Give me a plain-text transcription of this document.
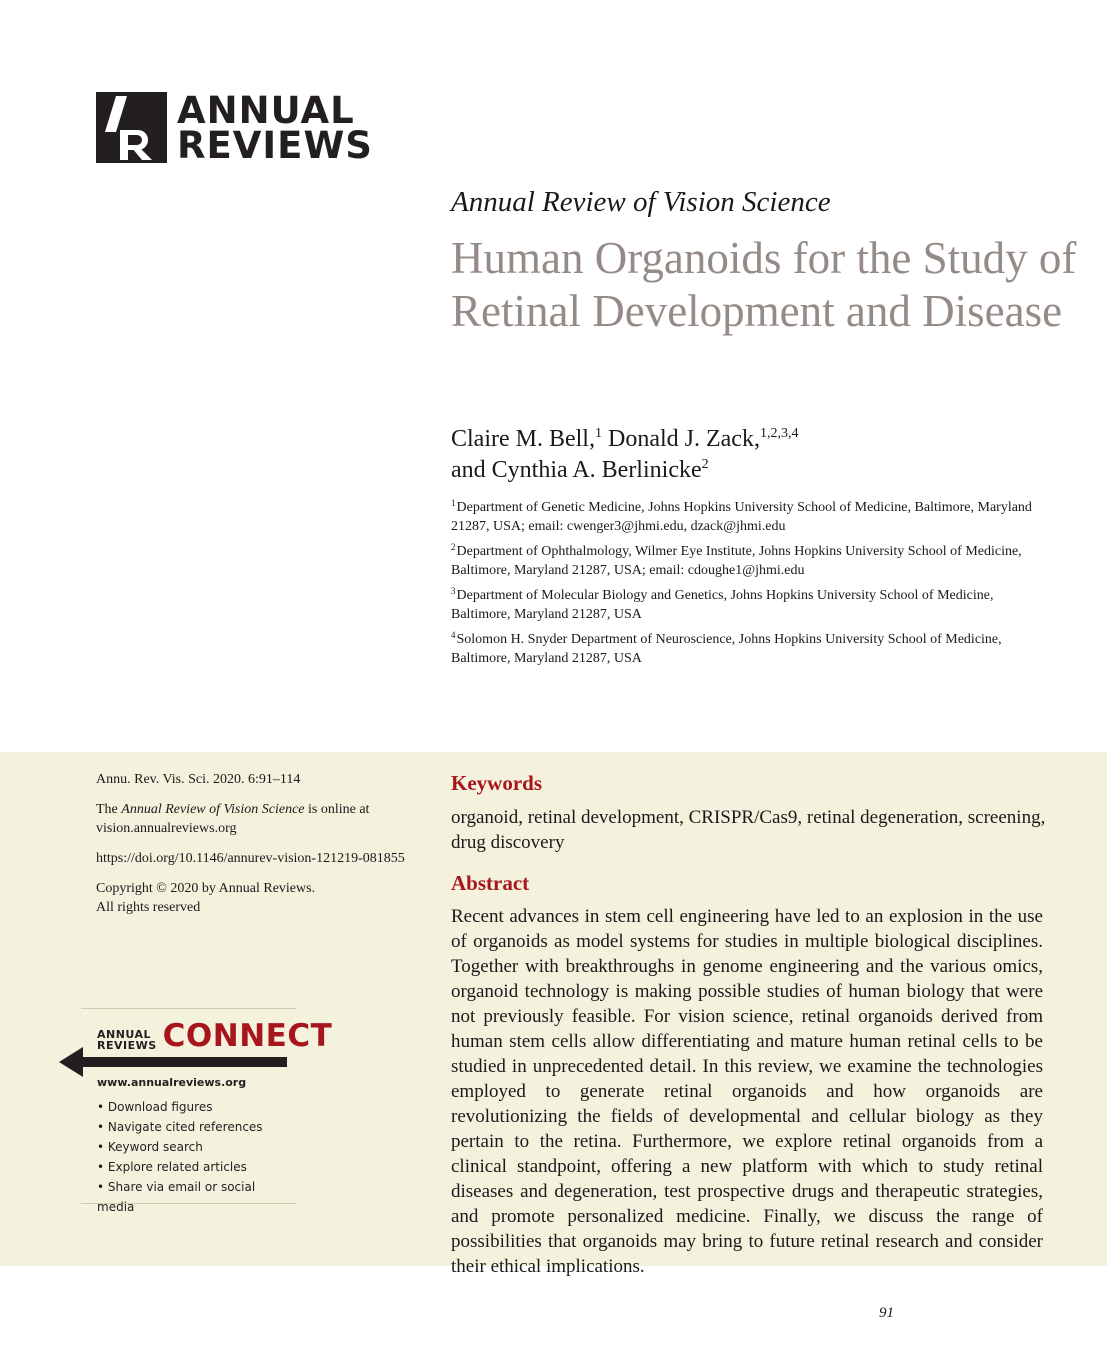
ANNUAL
REVIEWS
Annual Review of Vision Science
Human Organoids for the Study of Retinal Development and Disease
Claire M. Bell,$^1$ Donald J. Zack,$^{1,2,3,4}$
and Cynthia A. Berlinicke$^2$
$^1$Department of Genetic Medicine, Johns Hopkins University School of Medicine, Baltimore, Maryland 21287, USA; email: cwenger3@jhmi.edu, dzack@jhmi.edu
$^2$Department of Ophthalmology, Wilmer Eye Institute, Johns Hopkins University School of Medicine, Baltimore, Maryland 21287, USA; email: cdoughe1@jhmi.edu
$^3$Department of Molecular Biology and Genetics, Johns Hopkins University School of Medicine, Baltimore, Maryland 21287, USA
$^4$Solomon H. Snyder Department of Neuroscience, Johns Hopkins University School of Medicine, Baltimore, Maryland 21287, USA

Annu. Rev. Vis. Sci. 2020. 6:91–114

The Annual Review of Vision Science is online at vision.annualreviews.org

https://doi.org/10.1146/annurev-vision-121219-081855

Copyright © 2020 by Annual Reviews.
All rights reserved

ANNUAL
REVIEWS CONNECT
www.annualreviews.org
• Download figures
• Navigate cited references
• Keyword search
• Explore related articles
• Share via email or social media
Keywords
organoid, retinal development, CRISPR/Cas9, retinal degeneration, screening, drug discovery
Abstract

Recent advances in stem cell engineering have led to an explosion in the use of organoids as model systems for studies in multiple biological disciplines. Together with breakthroughs in genome engineering and the various omics, organoid technology is making possible studies of human biology that were not previously feasible. For vision science, retinal organoids derived from human stem cells allow differentiating and mature human retinal cells to be studied in unprecedented detail. In this review, we examine the technologies employed to generate retinal organoids and how organoids are revolutionizing the fields of developmental and cellular biology as they pertain to the retina. Furthermore, we explore retinal organoids from a clinical standpoint, offering a new platform with which to study retinal diseases and degeneration, test prospective drugs and therapeutic strategies, and promote personalized medicine. Finally, we discuss the range of possibilities that organoids may bring to future retinal research and consider their ethical implications.

91
